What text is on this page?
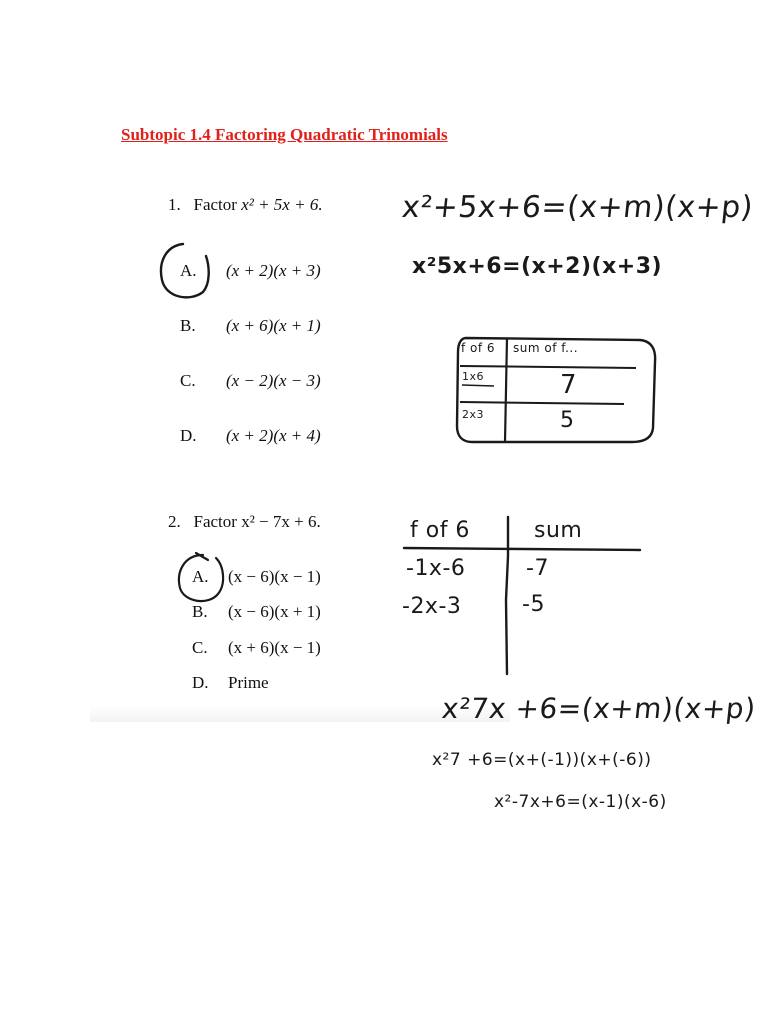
Subtopic 1.4 Factoring Quadratic Trinomials
1. Factor x² + 5x + 6.
A. (x + 2)(x + 3)
B. (x + 6)(x + 1)
C. (x − 2)(x − 3)
D. (x + 2)(x + 4)
2. Factor x² − 7x + 6.
A. (x − 6)(x − 1)
B. (x − 6)(x + 1)
C. (x + 6)(x − 1)
D. Prime
x²+5x+6=(x+m)(x+p)
x²5x+6=(x+2)(x+3)
f of 6 sum of f...
1x6	7
2x3	5
f of 6	sum
-1x-6	-7
-2x-3	-5
x²7x +6=(x+m)(x+p)
x²7 +6=(x+(-1))(x+(-6))
x²-7x+6=(x-1)(x-6)
